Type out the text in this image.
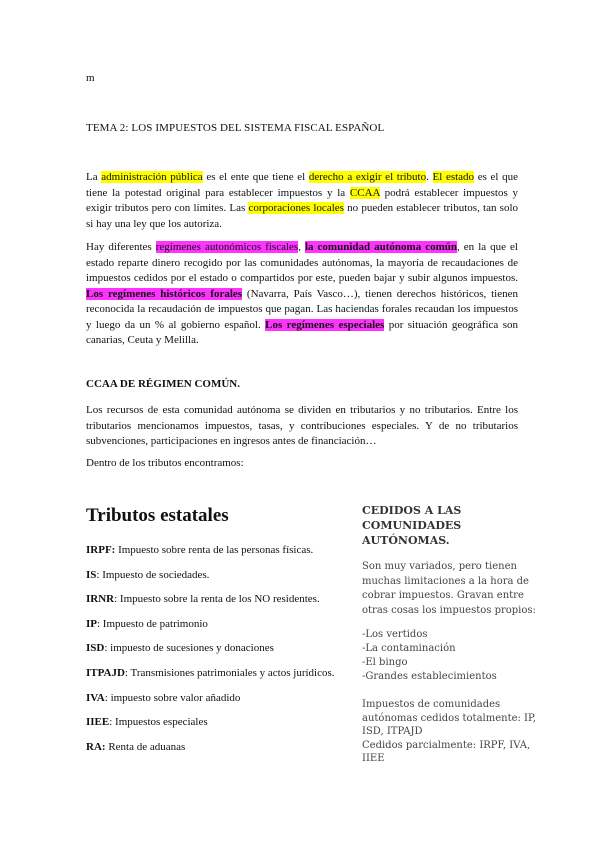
m
TEMA 2: LOS IMPUESTOS DEL SISTEMA FISCAL ESPAÑOL

La administración pública es el ente que tiene el derecho a exigir el tributo. El estado es el que tiene la potestad original para establecer impuestos y la CCAA podrá establecer impuestos y exigir tributos pero con límites. Las corporaciones locales no pueden establecer tributos, tan solo si hay una ley que los autoriza.

Hay diferentes regímenes autonómicos fiscales, la comunidad autónoma común, en la que el estado reparte dinero recogido por las comunidades autónomas, la mayoría de recaudaciones de impuestos cedidos por el estado o compartidos por este, pueden bajar y subir algunos impuestos. Los regímenes históricos forales (Navarra, País Vasco…), tienen derechos históricos, tienen reconocida la recaudación de impuestos que pagan. Las haciendas forales recaudan los impuestos y luego da un % al gobierno español. Los regímenes especiales por situación geográfica son canarias, Ceuta y Melilla.

CCAA DE RÉGIMEN COMÚN.

Los recursos de esta comunidad autónoma se dividen en tributarios y no tributarios. Entre los tributarios mencionamos impuestos, tasas, y contribuciones especiales. Y de no tributarios subvenciones, participaciones en ingresos antes de financiación…

Dentro de los tributos encontramos:
Tributos estatales
IRPF: Impuesto sobre renta de las personas físicas.
IS: Impuesto de sociedades.
IRNR: Impuesto sobre la renta de los NO residentes.
IP: Impuesto de patrimonio
ISD: impuesto de sucesiones y donaciones
ITPAJD: Transmisiones patrimoniales y actos jurídicos.
IVA: impuesto sobre valor añadido
IIEE: Impuestos especiales
RA: Renta de aduanas
CEDIDOS A LAS COMUNIDADES AUTÓNOMAS.
Son muy variados, pero tienen muchas limitaciones a la hora de cobrar impuestos. Gravan entre otras cosas los impuestos propios:
-Los vertidos
-La contaminación
-El bingo
-Grandes establecimientos
Impuestos de comunidades autónomas cedidos totalmente: IP, ISD, ITPAJD
Cedidos parcialmente: IRPF, IVA, IIEE
